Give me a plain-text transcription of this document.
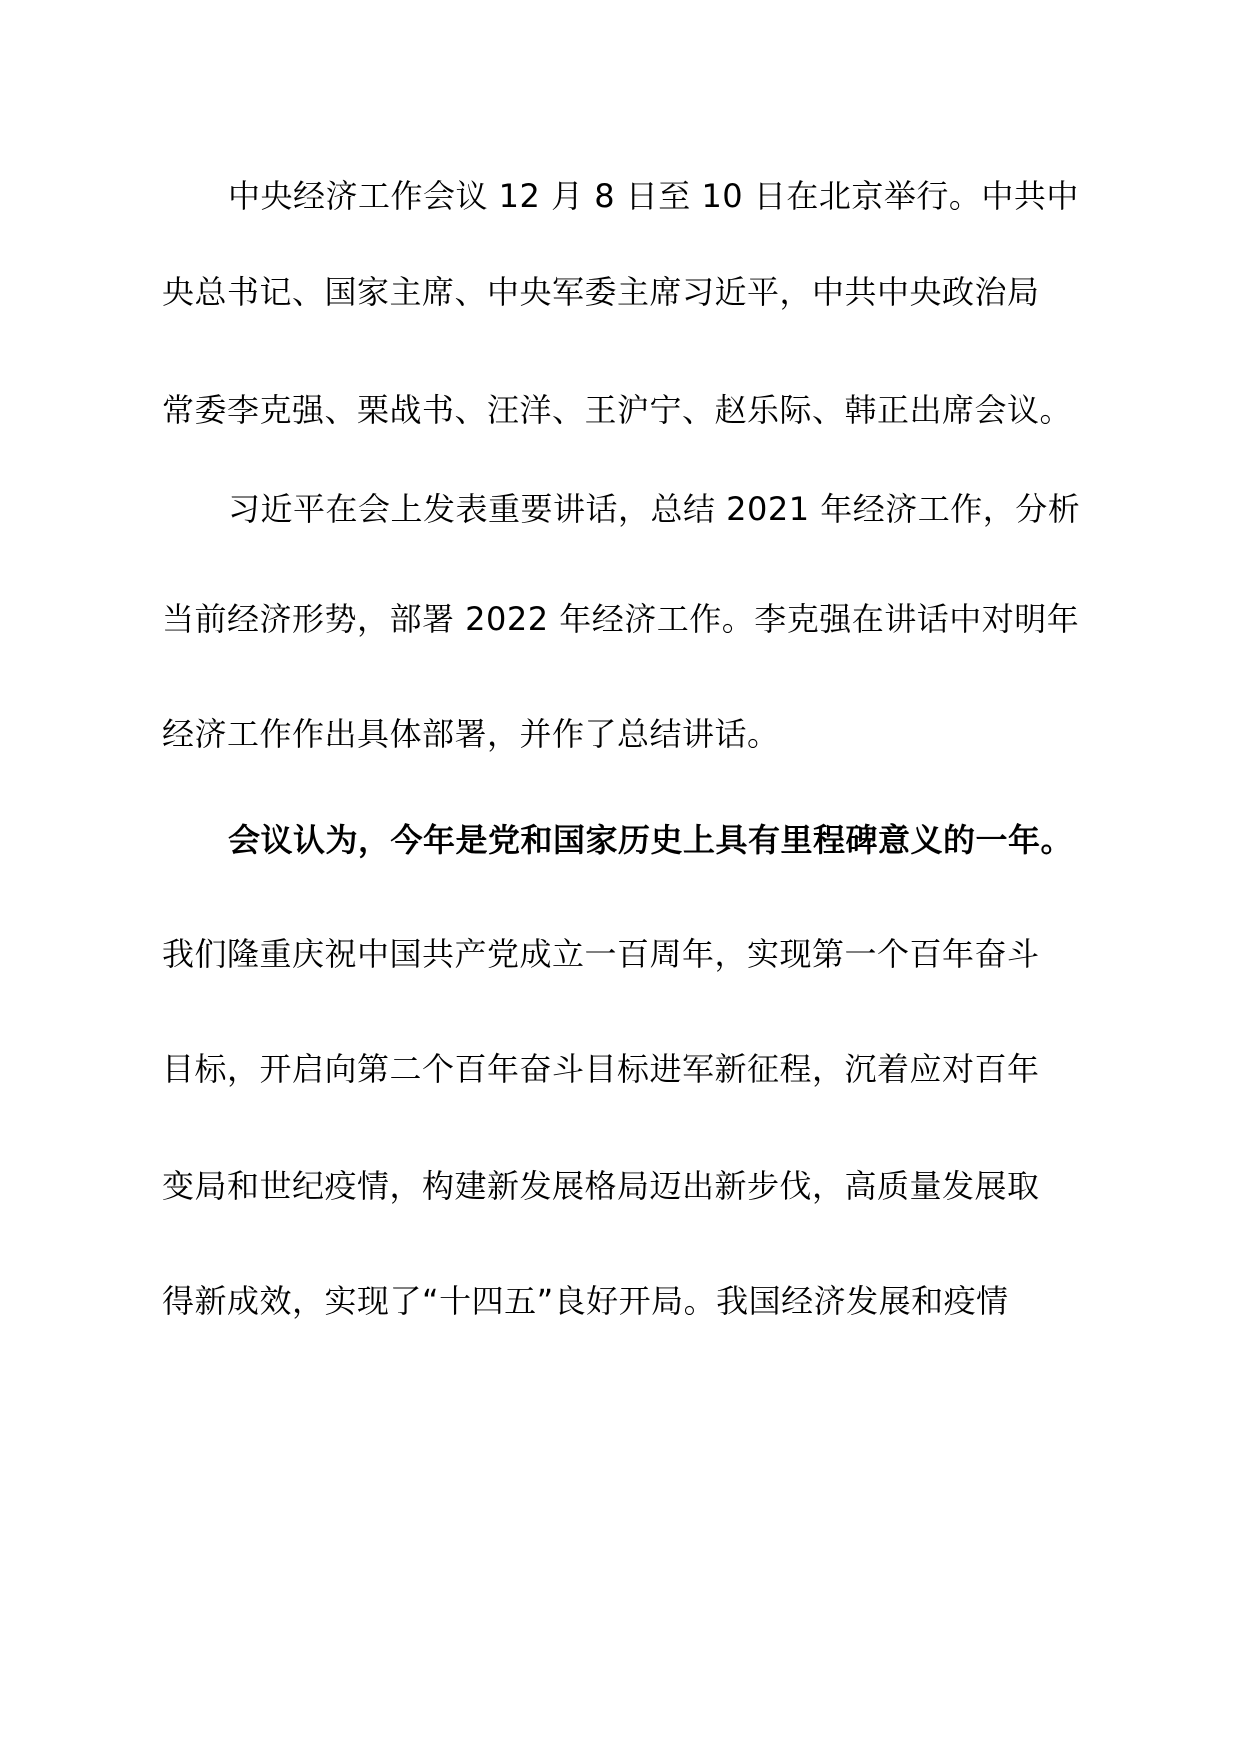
中央经济工作会议 12 月 8 日至 10 日在北京举行。中共中
央总书记、国家主席、中央军委主席习近平，中共中央政治局
常委李克强、栗战书、汪洋、王沪宁、赵乐际、韩正出席会议。
习近平在会上发表重要讲话，总结 2021 年经济工作，分析
当前经济形势，部署 2022 年经济工作。李克强在讲话中对明年
经济工作作出具体部署，并作了总结讲话。
会议认为，今年是党和国家历史上具有里程碑意义的一年。
我们隆重庆祝中国共产党成立一百周年，实现第一个百年奋斗
目标，开启向第二个百年奋斗目标进军新征程，沉着应对百年
变局和世纪疫情，构建新发展格局迈出新步伐，高质量发展取
得新成效，实现了“十四五”良好开局。我国经济发展和疫情
